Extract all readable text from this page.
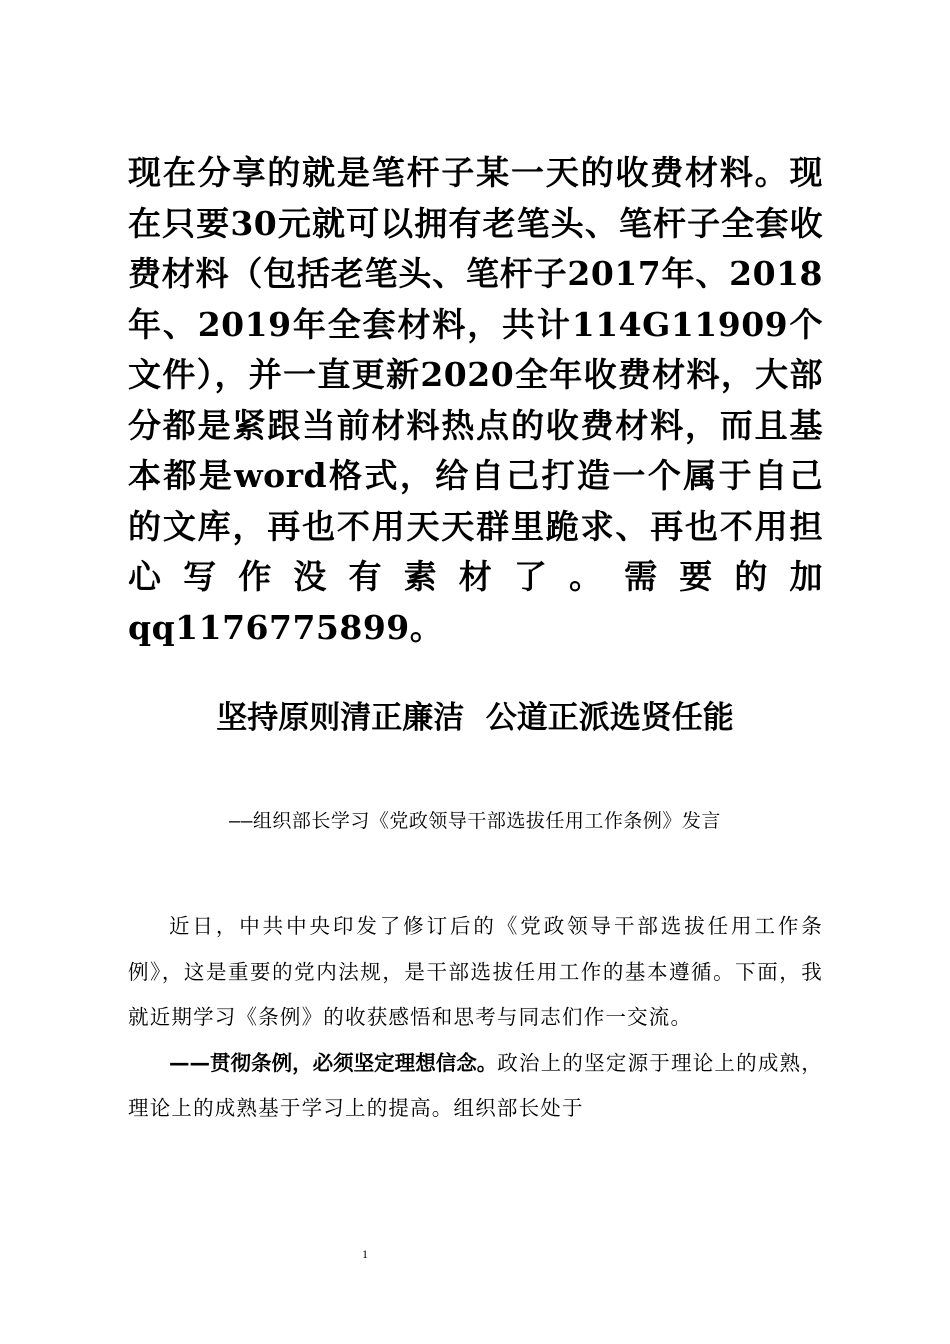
现在分享的就是笔杆子某一天的收费材料。现在只要30元就可以拥有老笔头、笔杆子全套收费材料（包括老笔头、笔杆子2017年、2018年、2019年全套材料，共计114G11909个文件），并一直更新2020全年收费材料，大部分都是紧跟当前材料热点的收费材料，而且基本都是word格式，给自己打造一个属于自己的文库，再也不用天天群里跪求、再也不用担心写作没有素材了。需要的加qq1176775899。
坚持原则清正廉洁  公道正派选贤任能
——组织部长学习《党政领导干部选拔任用工作条例》发言

近日，中共中央印发了修订后的《党政领导干部选拔任用工作条例》，这是重要的党内法规，是干部选拔任用工作的基本遵循。下面，我就近期学习《条例》的收获感悟和思考与同志们作一交流。

——贯彻条例，必须坚定理想信念。政治上的坚定源于理论上的成熟，理论上的成熟基于学习上的提高。组织部长处于

1
